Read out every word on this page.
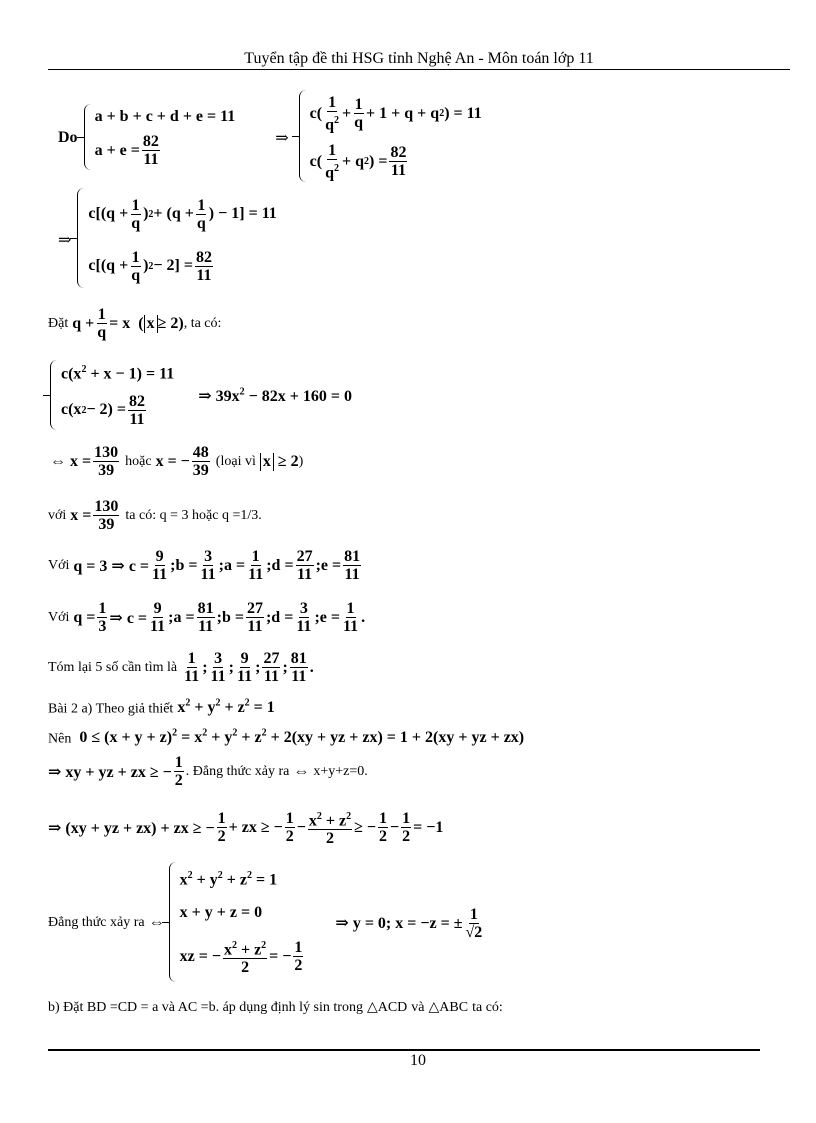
Tuyển tập đề thi HSG tỉnh Nghệ An - Môn toán lớp 11
Do
a + b + c + d + e = 11
$a + e = \frac{82}{11}$	⇒
$c( \frac{1}{q^2} + \frac{1}{q} + 1 + q + q$ 2 ) = 11
$c( \frac{1}{q^2} + q$ 2 ) = $\frac{82}{11}$
⇒
$c[(q + \frac{1}{q}$ ) $2 + (q + \frac{1}{q}$ ) − 1] = 11
$c[(q + \frac{1}{q}$ ) $2 - 2] = \frac{82}{11}$
Đặt
$q + \frac{1}{q} = x$  ( x ≥ 2) , ta có:
$c(x^2 + x - 1) = 11$
c(x $2 - 2) = \frac{82}{11}$	⇒ $39x^2 - 82x + 160 = 0$
⇔ $x = \frac{130}{39}$ hoặc x = − $\frac{48}{39}$ (loại vì
x ≥ 2 )
với
$x = \frac{130}{39}$
ta có: q = 3 hoặc q =1/3.
Với
q = 3 ⇒ $c = \frac{9}{11}$ ;b = $\frac{3}{11}$ ;a = $\frac{1}{11}$ ;d = $\frac{27}{11}$ ;e = $\frac{81}{11}$
Với
$q = \frac{1}{3}$ ⇒ $c = \frac{9}{11}$ ;a = $\frac{81}{11}$ ;b = $\frac{27}{11}$ ;d = $\frac{3}{11}$ ;e = $\frac{1}{11}$ .
Tóm lại 5 số cần tìm là
$\frac{1}{11}$ ; $\frac{3}{11}$ ; $\frac{9}{11}$ ; $\frac{27}{11}$ ; $\frac{81}{11}$ .
Bài 2 a) Theo giả thiết $x^2 + y^2 + z^2 = 1$
Nên $0 \le (x + y + z)^2 = x^2 + y^2 + z^2 + 2(xy$ + yz + zx) = 1 + 2(xy + yz + zx)
⇒ xy + yz + zx ≥ − $\frac{1}{2}$ . Đẳng thức xảy ra ⇔ x+y+z=0.
⇒ (xy + yz + zx) + zx ≥ − $\frac{1}{2}$ + zx ≥ − $\frac{1}{2} - \frac{x^2 + z^2}{2}$ ≥ − $\frac{1}{2} - \frac{1}{2} = -1$
Đẳng thức xảy ra ⇔
$x^2 + y^2 + z^2 = 1$
x + y + z = 0
xz = − $\frac{x^2 + z^2}{2}$ = − $\frac{1}{2}$
⇒ y = 0; x = −z = ± $\frac{1}{√2}$
b) Đặt BD =CD = a và AC =b. áp dụng định lý sin trong △ACD và △ABC ta có:
10
